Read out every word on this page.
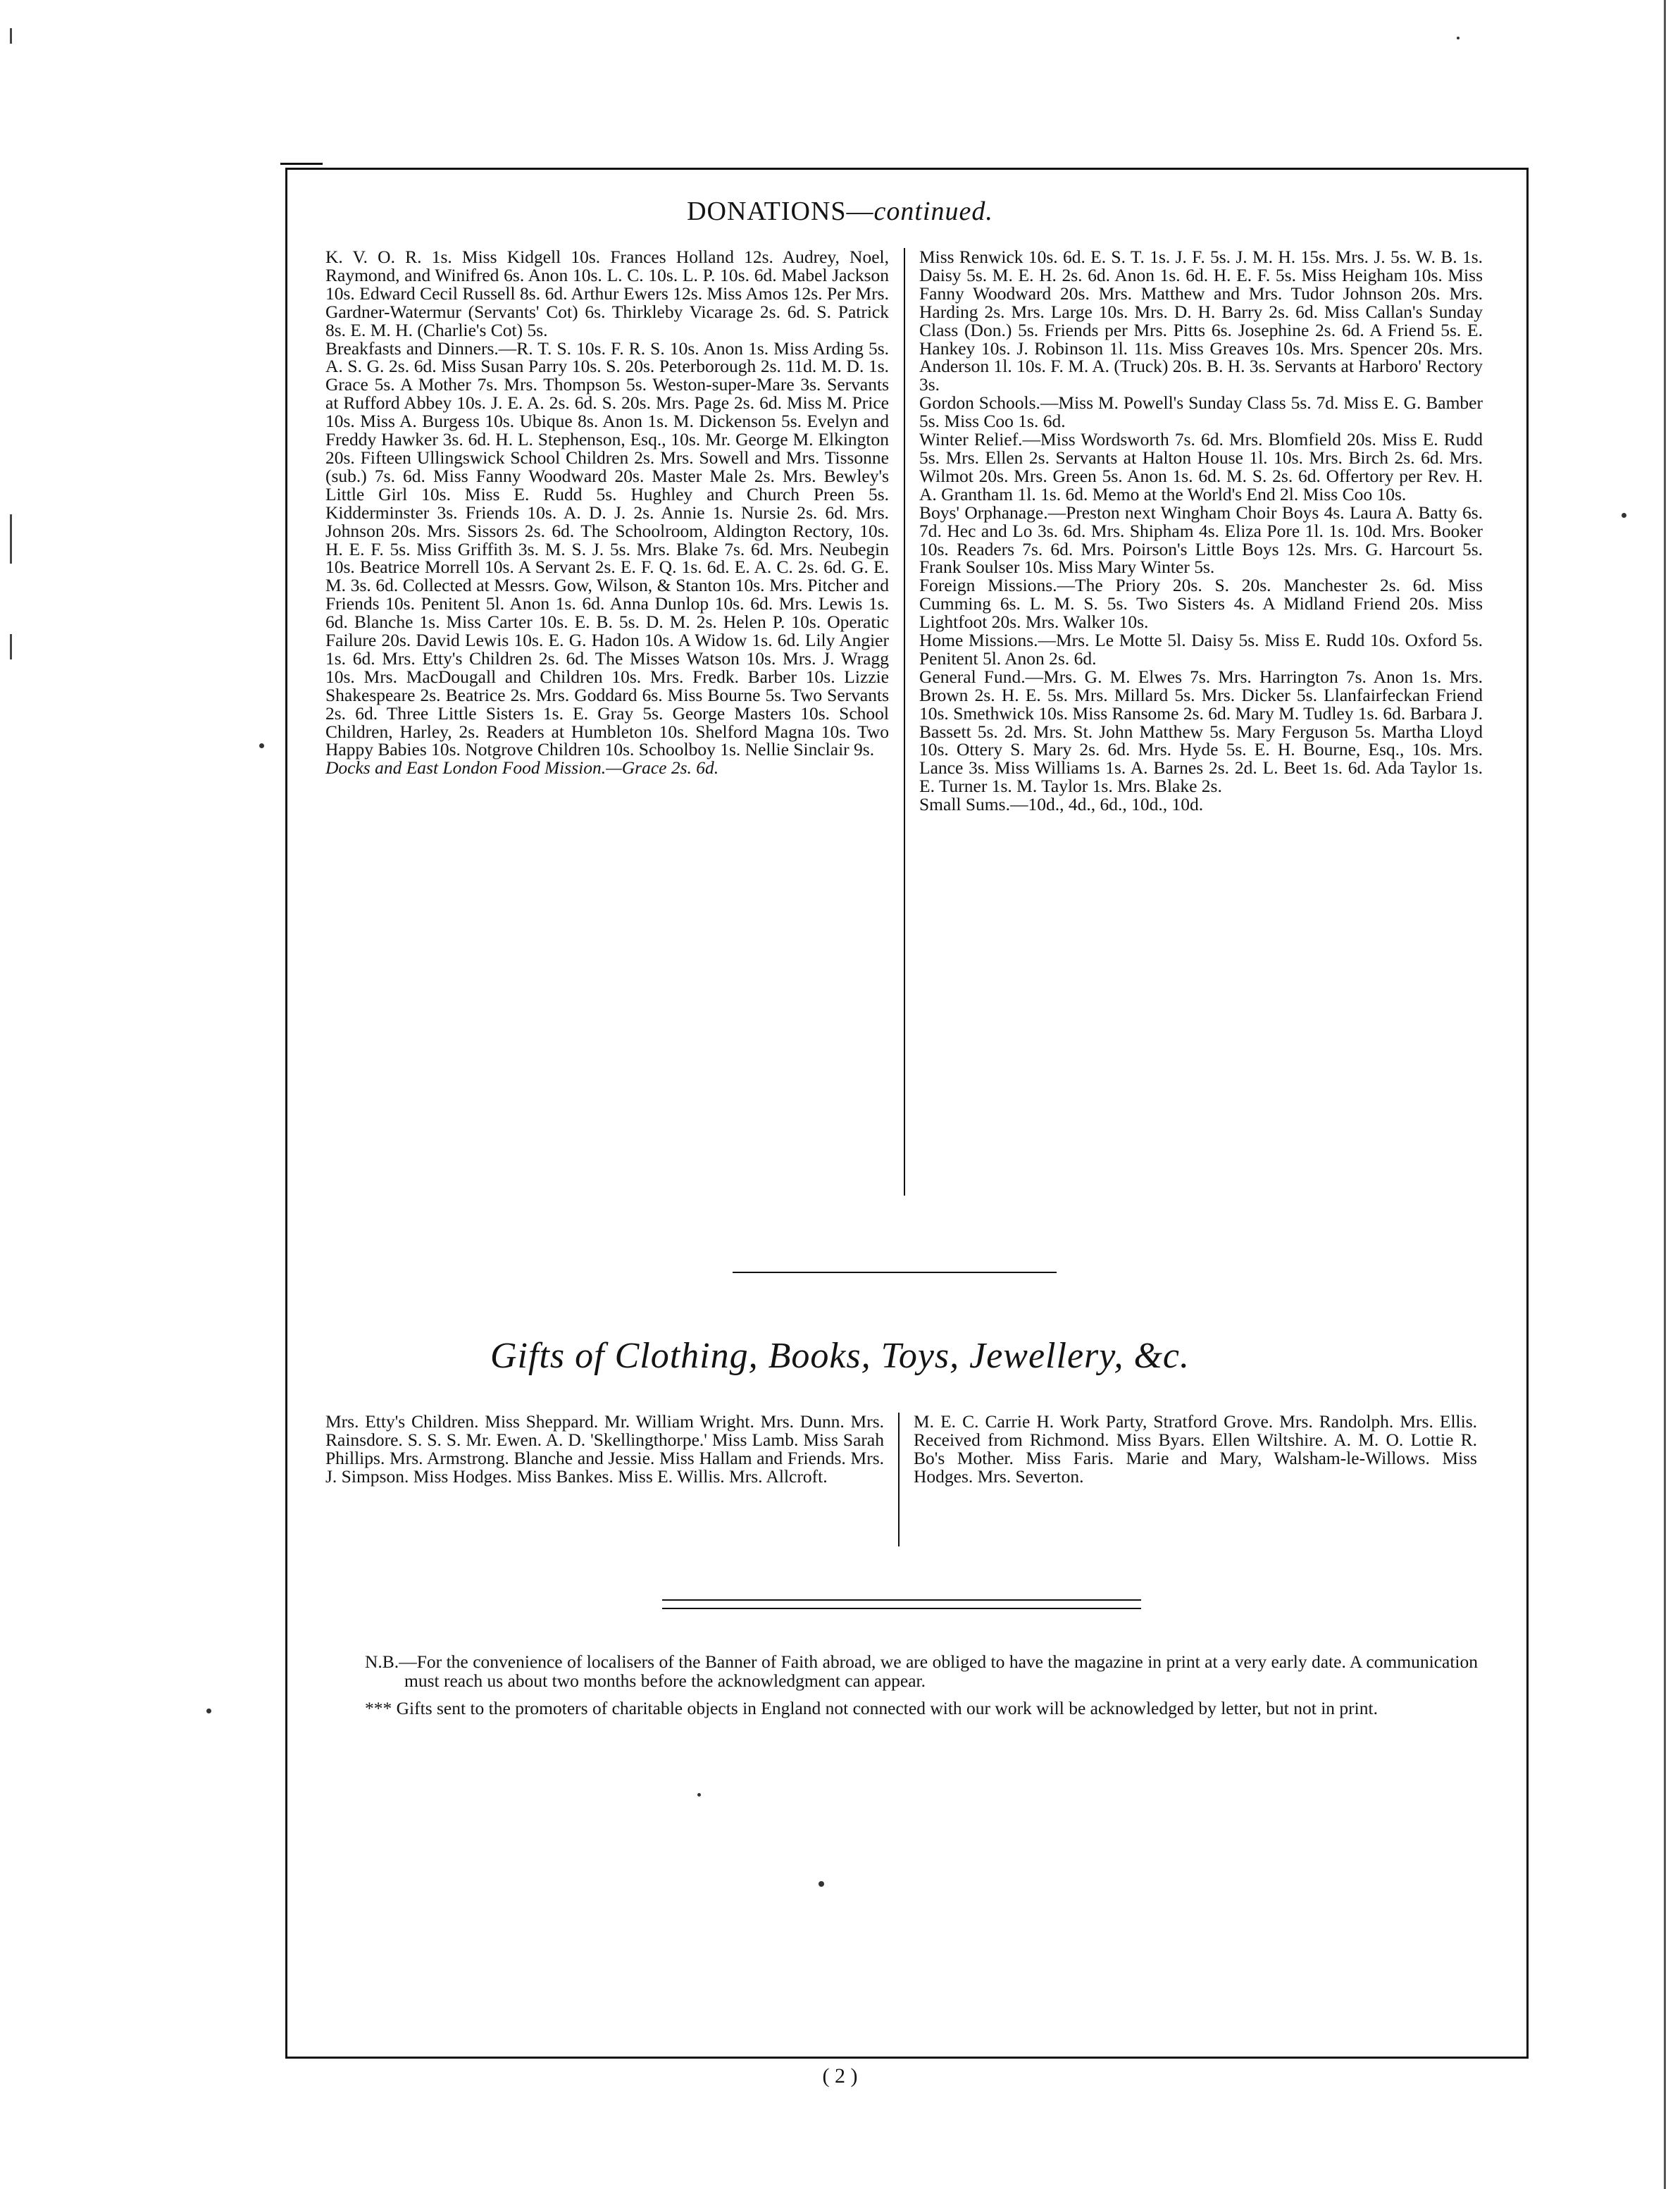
DONATIONS—continued.

K. V. O. R. 1s. Miss Kidgell 10s. Frances Holland 12s. Audrey, Noel, Raymond, and Winifred 6s. Anon 10s. L. C. 10s. L. P. 10s. 6d. Mabel Jackson 10s. Edward Cecil Russell 8s. 6d. Arthur Ewers 12s. Miss Amos 12s. Per Mrs. Gardner-Watermur (Servants' Cot) 6s. Thirkleby Vicarage 2s. 6d. S. Patrick 8s. E. M. H. (Charlie's Cot) 5s.

Breakfasts and Dinners.—R. T. S. 10s. F. R. S. 10s. Anon 1s. Miss Arding 5s. A. S. G. 2s. 6d. Miss Susan Parry 10s. S. 20s. Peterborough 2s. 11d. M. D. 1s. Grace 5s. A Mother 7s. Mrs. Thompson 5s. Weston-super-Mare 3s. Servants at Rufford Abbey 10s. J. E. A. 2s. 6d. S. 20s. Mrs. Page 2s. 6d. Miss M. Price 10s. Miss A. Burgess 10s. Ubique 8s. Anon 1s. M. Dickenson 5s. Evelyn and Freddy Hawker 3s. 6d. H. L. Stephenson, Esq., 10s. Mr. George M. Elkington 20s. Fifteen Ullingswick School Children 2s. Mrs. Sowell and Mrs. Tissonne (sub.) 7s. 6d. Miss Fanny Woodward 20s. Master Male 2s. Mrs. Bewley's Little Girl 10s. Miss E. Rudd 5s. Hughley and Church Preen 5s. Kidderminster 3s. Friends 10s. A. D. J. 2s. Annie 1s. Nursie 2s. 6d. Mrs. Johnson 20s. Mrs. Sissors 2s. 6d. The Schoolroom, Aldington Rectory, 10s. H. E. F. 5s. Miss Griffith 3s. M. S. J. 5s. Mrs. Blake 7s. 6d. Mrs. Neubegin 10s. Beatrice Morrell 10s. A Servant 2s. E. F. Q. 1s. 6d. E. A. C. 2s. 6d. G. E. M. 3s. 6d. Collected at Messrs. Gow, Wilson, & Stanton 10s. Mrs. Pitcher and Friends 10s. Penitent 5l. Anon 1s. 6d. Anna Dunlop 10s. 6d. Mrs. Lewis 1s. 6d. Blanche 1s. Miss Carter 10s. E. B. 5s. D. M. 2s. Helen P. 10s. Operatic Failure 20s. David Lewis 10s. E. G. Hadon 10s. A Widow 1s. 6d. Lily Angier 1s. 6d. Mrs. Etty's Children 2s. 6d. The Misses Watson 10s. Mrs. J. Wragg 10s. Mrs. MacDougall and Children 10s. Mrs. Fredk. Barber 10s. Lizzie Shakespeare 2s. Beatrice 2s. Mrs. Goddard 6s. Miss Bourne 5s. Two Servants 2s. 6d. Three Little Sisters 1s. E. Gray 5s. George Masters 10s. School Children, Harley, 2s. Readers at Humbleton 10s. Shelford Magna 10s. Two Happy Babies 10s. Notgrove Children 10s. Schoolboy 1s. Nellie Sinclair 9s.

Docks and East London Food Mission.—Grace 2s. 6d.

Miss Renwick 10s. 6d. E. S. T. 1s. J. F. 5s. J. M. H. 15s. Mrs. J. 5s. W. B. 1s. Daisy 5s. M. E. H. 2s. 6d. Anon 1s. 6d. H. E. F. 5s. Miss Heigham 10s. Miss Fanny Woodward 20s. Mrs. Matthew and Mrs. Tudor Johnson 20s. Mrs. Harding 2s. Mrs. Large 10s. Mrs. D. H. Barry 2s. 6d. Miss Callan's Sunday Class (Don.) 5s. Friends per Mrs. Pitts 6s. Josephine 2s. 6d. A Friend 5s. E. Hankey 10s. J. Robinson 1l. 11s. Miss Greaves 10s. Mrs. Spencer 20s. Mrs. Anderson 1l. 10s. F. M. A. (Truck) 20s. B. H. 3s. Servants at Harboro' Rectory 3s.

Gordon Schools.—Miss M. Powell's Sunday Class 5s. 7d. Miss E. G. Bamber 5s. Miss Coo 1s. 6d.

Winter Relief.—Miss Wordsworth 7s. 6d. Mrs. Blomfield 20s. Miss E. Rudd 5s. Mrs. Ellen 2s. Servants at Halton House 1l. 10s. Mrs. Birch 2s. 6d. Mrs. Wilmot 20s. Mrs. Green 5s. Anon 1s. 6d. M. S. 2s. 6d. Offertory per Rev. H. A. Grantham 1l. 1s. 6d. Memo at the World's End 2l. Miss Coo 10s.

Boys' Orphanage.—Preston next Wingham Choir Boys 4s. Laura A. Batty 6s. 7d. Hec and Lo 3s. 6d. Mrs. Shipham 4s. Eliza Pore 1l. 1s. 10d. Mrs. Booker 10s. Readers 7s. 6d. Mrs. Poirson's Little Boys 12s. Mrs. G. Harcourt 5s. Frank Soulser 10s. Miss Mary Winter 5s.

Foreign Missions.—The Priory 20s. S. 20s. Manchester 2s. 6d. Miss Cumming 6s. L. M. S. 5s. Two Sisters 4s. A Midland Friend 20s. Miss Lightfoot 20s. Mrs. Walker 10s.

Home Missions.—Mrs. Le Motte 5l. Daisy 5s. Miss E. Rudd 10s. Oxford 5s. Penitent 5l. Anon 2s. 6d.

General Fund.—Mrs. G. M. Elwes 7s. Mrs. Harrington 7s. Anon 1s. Mrs. Brown 2s. H. E. 5s. Mrs. Millard 5s. Mrs. Dicker 5s. Llanfairfeckan Friend 10s. Smethwick 10s. Miss Ransome 2s. 6d. Mary M. Tudley 1s. 6d. Barbara J. Bassett 5s. 2d. Mrs. St. John Matthew 5s. Mary Ferguson 5s. Martha Lloyd 10s. Ottery S. Mary 2s. 6d. Mrs. Hyde 5s. E. H. Bourne, Esq., 10s. Mrs. Lance 3s. Miss Williams 1s. A. Barnes 2s. 2d. L. Beet 1s. 6d. Ada Taylor 1s. E. Turner 1s. M. Taylor 1s. Mrs. Blake 2s.

Small Sums.—10d., 4d., 6d., 10d., 10d.

Gifts of Clothing, Books, Toys, Jewellery, &c.

Mrs. Etty's Children. Miss Sheppard. Mr. William Wright. Mrs. Dunn. Mrs. Rainsdore. S. S. S. Mr. Ewen. A. D. 'Skellingthorpe.' Miss Lamb. Miss Sarah Phillips. Mrs. Armstrong. Blanche and Jessie. Miss Hallam and Friends. Mrs. J. Simpson. Miss Hodges. Miss Bankes. Miss E. Willis. Mrs. Allcroft.

M. E. C. Carrie H. Work Party, Stratford Grove. Mrs. Randolph. Mrs. Ellis. Received from Richmond. Miss Byars. Ellen Wiltshire. A. M. O. Lottie R. Bo's Mother. Miss Faris. Marie and Mary, Walsham-le-Willows. Miss Hodges. Mrs. Severton.

N.B.—For the convenience of localisers of the Banner of Faith abroad, we are obliged to have the magazine in print at a very early date. A communication must reach us about two months before the acknowledgment can appear.

*** Gifts sent to the promoters of charitable objects in England not connected with our work will be acknowledged by letter, but not in print.

( 2 )
